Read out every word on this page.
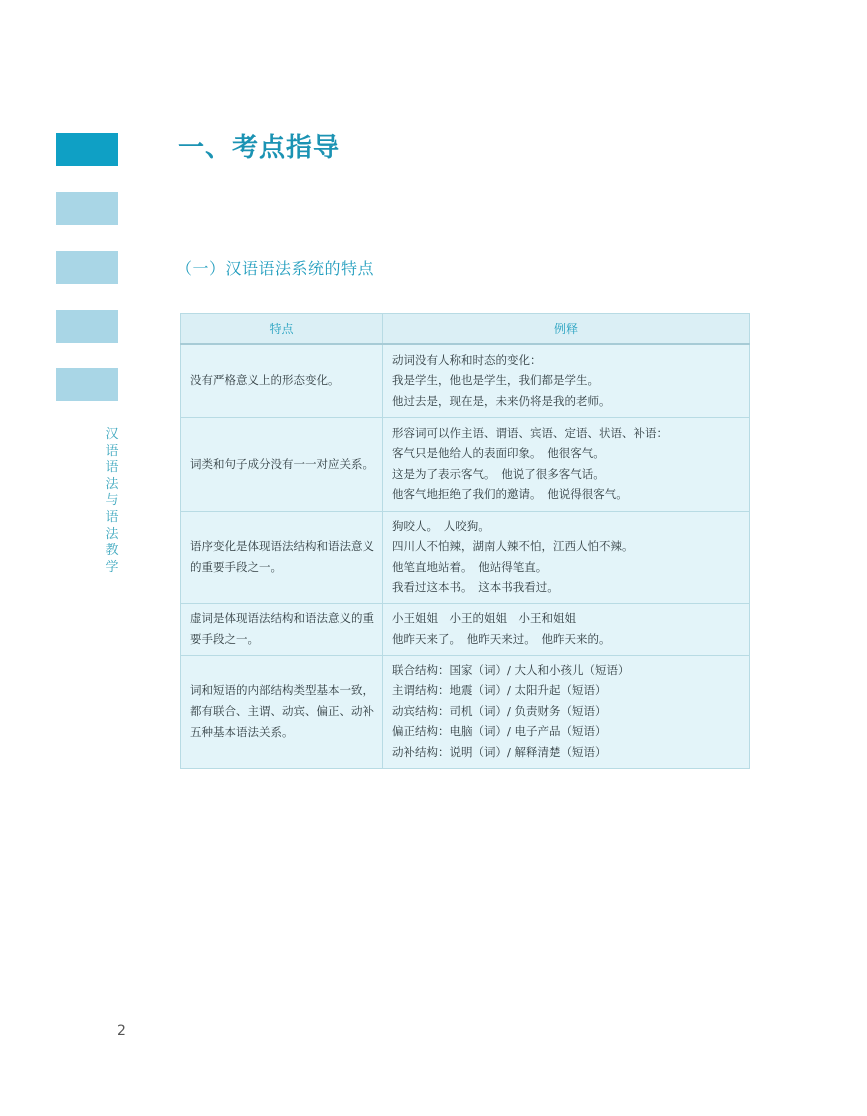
汉
语
语
法
与
语
法
教
学
一、考点指导
（一）汉语语法系统的特点
特点	例释
没有严格意义上的形态变化。	动词没有人称和时态的变化：
我是学生，他也是学生，我们都是学生。
他过去是，现在是，未来仍将是我的老师。

词类和句子成分没有一一对应关系。	形容词可以作主语、谓语、宾语、定语、状语、补语：
客气只是他给人的表面印象。　他很客气。
这是为了表示客气。　他说了很多客气话。
他客气地拒绝了我们的邀请。　他说得很客气。

语序变化是体现语法结构和语法意义的重要手段之一。	狗咬人。　人咬狗。
四川人不怕辣，湖南人辣不怕，江西人怕不辣。
他笔直地站着。　他站得笔直。
我看过这本书。　这本书我看过。

虚词是体现语法结构和语法意义的重要手段之一。	小王姐姐　小王的姐姐　小王和姐姐
他昨天来了。　他昨天来过。　他昨天来的。

词和短语的内部结构类型基本一致，都有联合、主谓、动宾、偏正、动补五种基本语法关系。	联合结构：国家（词）/ 大人和小孩儿（短语）
主谓结构：地震（词）/ 太阳升起（短语）
动宾结构：司机（词）/ 负责财务（短语）
偏正结构：电脑（词）/ 电子产品（短语）
动补结构：说明（词）/ 解释清楚（短语）
2
